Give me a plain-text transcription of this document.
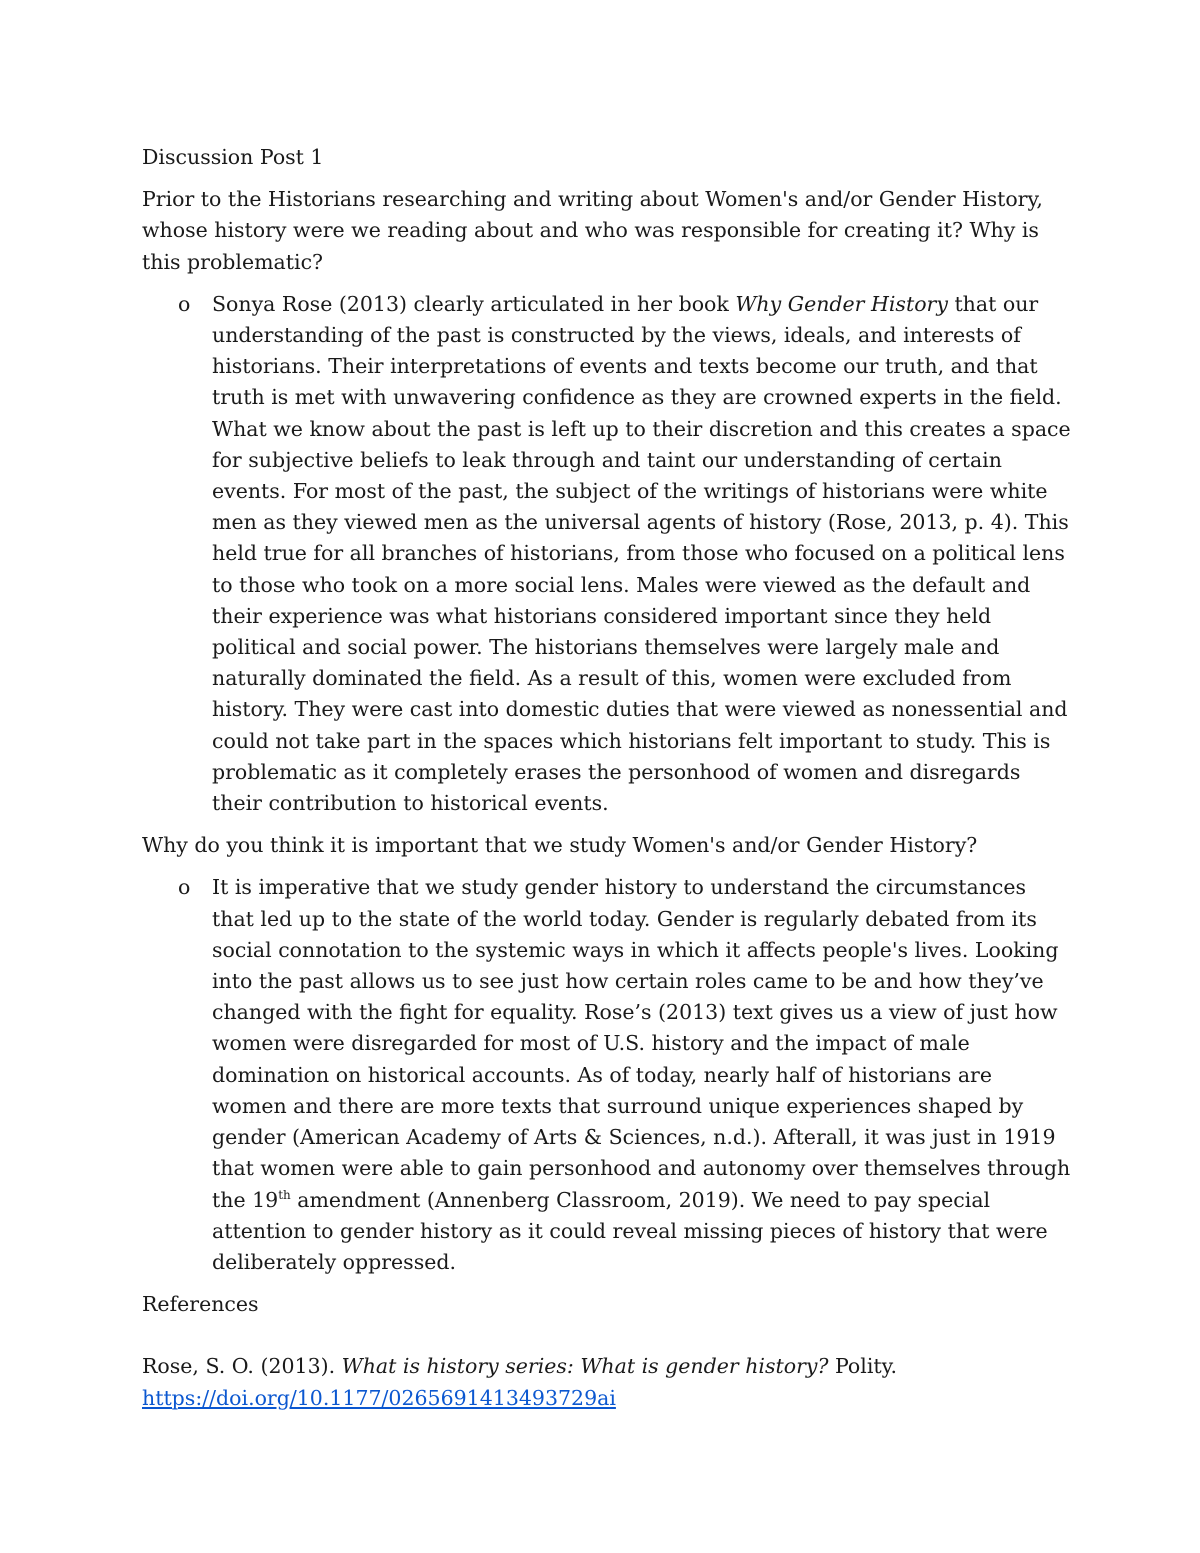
Discussion Post 1

Prior to the Historians researching and writing about Women's and/or Gender History, whose history were we reading about and who was responsible for creating it? Why is this problematic?

o Sonya Rose (2013) clearly articulated in her book Why Gender History that our understanding of the past is constructed by the views, ideals, and interests of historians. Their interpretations of events and texts become our truth, and that truth is met with unwavering confidence as they are crowned experts in the field. What we know about the past is left up to their discretion and this creates a space for subjective beliefs to leak through and taint our understanding of certain events. For most of the past, the subject of the writings of historians were white men as they viewed men as the universal agents of history (Rose, 2013, p. 4). This held true for all branches of historians, from those who focused on a political lens to those who took on a more social lens. Males were viewed as the default and their experience was what historians considered important since they held political and social power. The historians themselves were largely male and naturally dominated the field. As a result of this, women were excluded from history. They were cast into domestic duties that were viewed as nonessential and could not take part in the spaces which historians felt important to study. This is problematic as it completely erases the personhood of women and disregards their contribution to historical events.

Why do you think it is important that we study Women's and/or Gender History?

o It is imperative that we study gender history to understand the circumstances that led up to the state of the world today. Gender is regularly debated from its social connotation to the systemic ways in which it affects people's lives. Looking into the past allows us to see just how certain roles came to be and how they’ve changed with the fight for equality. Rose’s (2013) text gives us a view of just how women were disregarded for most of U.S. history and the impact of male domination on historical accounts. As of today, nearly half of historians are women and there are more texts that surround unique experiences shaped by gender (American Academy of Arts & Sciences, n.d.). Afterall, it was just in 1919 that women were able to gain personhood and autonomy over themselves through the 19th amendment (Annenberg Classroom, 2019). We need to pay special attention to gender history as it could reveal missing pieces of history that were deliberately oppressed.

References

Rose, S. O. (2013). What is history series: What is gender history? Polity.
https://doi.org/10.1177/0265691413493729ai
